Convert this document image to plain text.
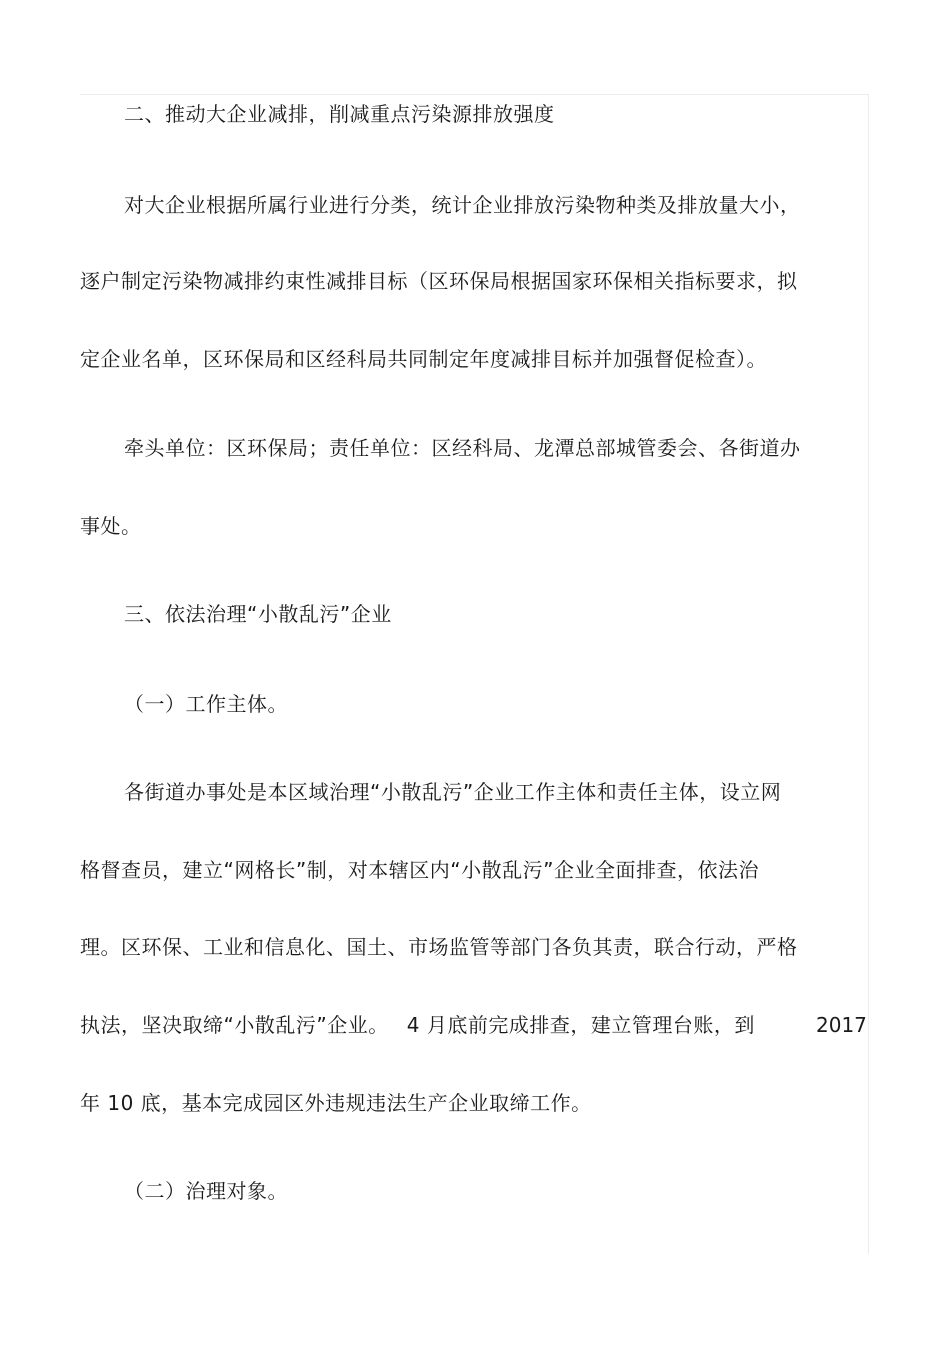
二、推动大企业减排，削减重点污染源排放强度
对大企业根据所属行业进行分类，统计企业排放污染物种类及排放量大小，
逐户制定污染物减排约束性减排目标（区环保局根据国家环保相关指标要求，拟
定企业名单，区环保局和区经科局共同制定年度减排目标并加强督促检查）。
牵头单位：区环保局；责任单位：区经科局、龙潭总部城管委会、各街道办
事处。
三、依法治理“小散乱污”企业
（一）工作主体。
各街道办事处是本区域治理“小散乱污”企业工作主体和责任主体，设立网
格督查员，建立“网格长”制，对本辖区内“小散乱污”企业全面排查，依法治
理。区环保、工业和信息化、国土、市场监管等部门各负其责，联合行动，严格
执法，坚决取缔“小散乱污”企业。 4 月底前完成排查，建立管理台账，到	2017
年 10 底，基本完成园区外违规违法生产企业取缔工作。
（二）治理对象。
